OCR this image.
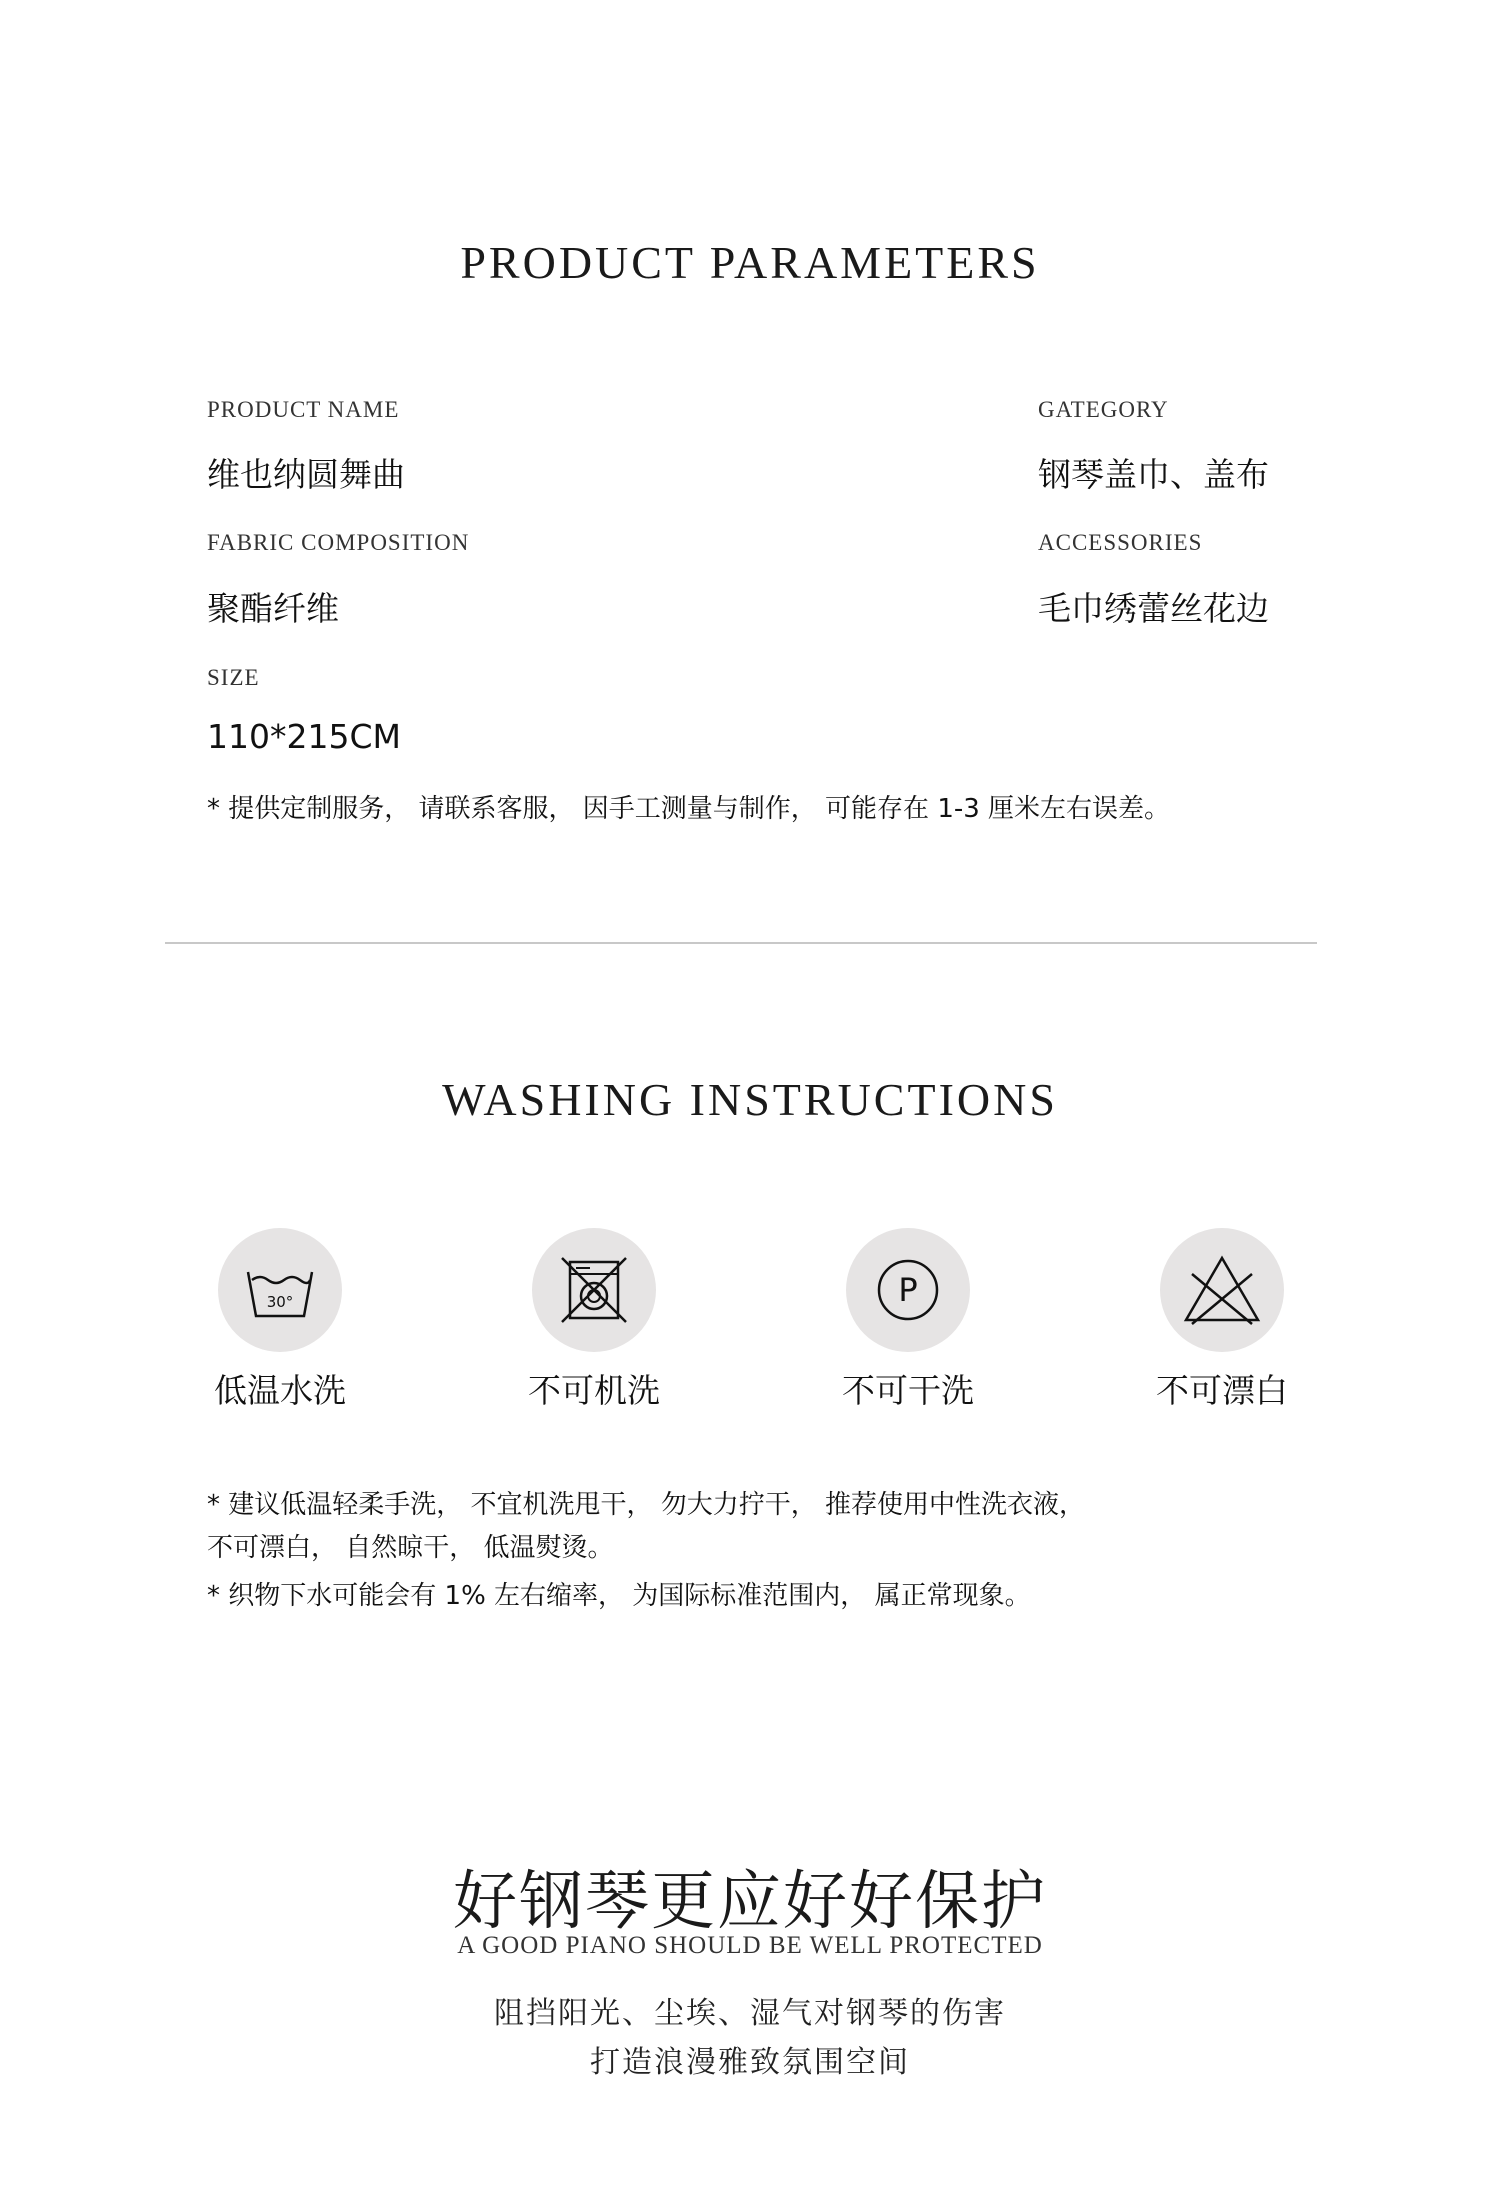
PRODUCT PARAMETERS
PRODUCT NAME
维也纳圆舞曲
GATEGORY
钢琴盖巾、盖布
FABRIC COMPOSITION
聚酯纤维
ACCESSORIES
毛巾绣蕾丝花边
SIZE
110*215CM
* 提供定制服务， 请联系客服， 因手工测量与制作， 可能存在 1-3 厘米左右误差。
WASHING INSTRUCTIONS
30°
低温水洗	不可机洗
P
不可干洗	不可漂白
* 建议低温轻柔手洗， 不宜机洗甩干， 勿大力拧干， 推荐使用中性洗衣液，
不可漂白， 自然晾干， 低温熨烫。
* 织物下水可能会有 1% 左右缩率， 为国际标准范围内， 属正常现象。
好钢琴更应好好保护
A GOOD PIANO SHOULD BE WELL PROTECTED
阻挡阳光、尘埃、湿气对钢琴的伤害
打造浪漫雅致氛围空间
